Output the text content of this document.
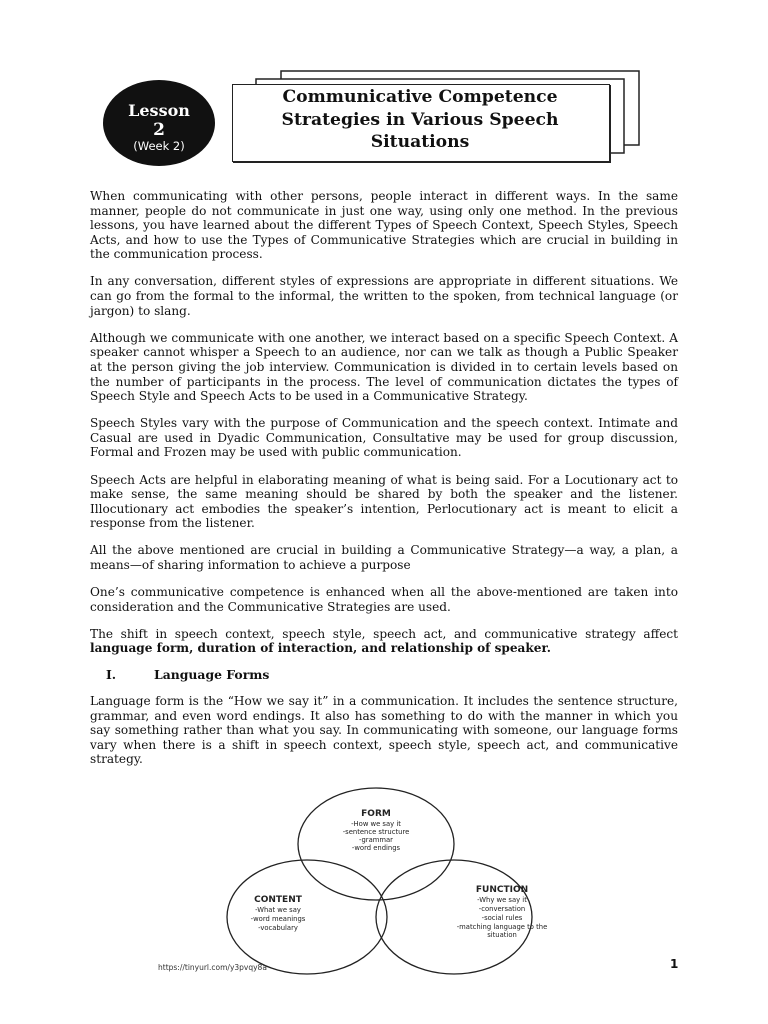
Lesson
2
(Week 2)
Communicative Competence
Strategies in Various Speech
Situations

When communicating with other persons, people interact in different ways. In the same manner, people do not communicate in just one way, using only one method. In the previous lessons, you have learned about the different Types of Speech Context, Speech Styles, Speech Acts, and how to use the Types of Communicative Strategies which are crucial in building in the communication process.

In any conversation, different styles of expressions are appropriate in different situations. We can go from the formal to the informal, the written to the spoken, from technical language (or jargon) to slang.

Although we communicate with one another, we interact based on a specific Speech Context. A speaker cannot whisper a Speech to an audience, nor can we talk as though a Public Speaker at the person giving the job interview. Communication is divided in to certain levels based on the number of participants in the process. The level of communication dictates the types of Speech Style and Speech Acts to be used in a Communicative Strategy.

Speech Styles vary with the purpose of Communication and the speech context. Intimate and Casual are used in Dyadic Communication, Consultative may be used for group discussion, Formal and Frozen may be used with public communication.

Speech Acts are helpful in elaborating meaning of what is being said. For a Locutionary act to make sense, the same meaning should be shared by both the speaker and the listener. Illocutionary act embodies the speaker’s intention, Perlocutionary act is meant to elicit a response from the listener.

All the above mentioned are crucial in building a Communicative Strategy—a way, a plan, a means—of sharing information to achieve a purpose

One’s communicative competence is enhanced when all the above-mentioned are taken into consideration and the Communicative Strategies are used.

The shift in speech context, speech style, speech act, and communicative strategy affect language form, duration of interaction, and relationship of speaker.

I.	Language Forms

Language form is the “How we say it” in a communication. It includes the sentence structure, grammar, and even word endings. It also has something to do with the manner in which you say something rather than what you say. In communicating with someone, our language forms vary when there is a shift in speech context, speech style, speech act, and communicative strategy.

FORM
-How we say it
-sentence structure
-grammar
-word endings
CONTENT
-What we say
-word meanings
-vocabulary
FUNCTION
-Why we say it
-conversation
-social rules
-matching language to the
situation
https://tinyurl.com/y3pvqy8a	1
